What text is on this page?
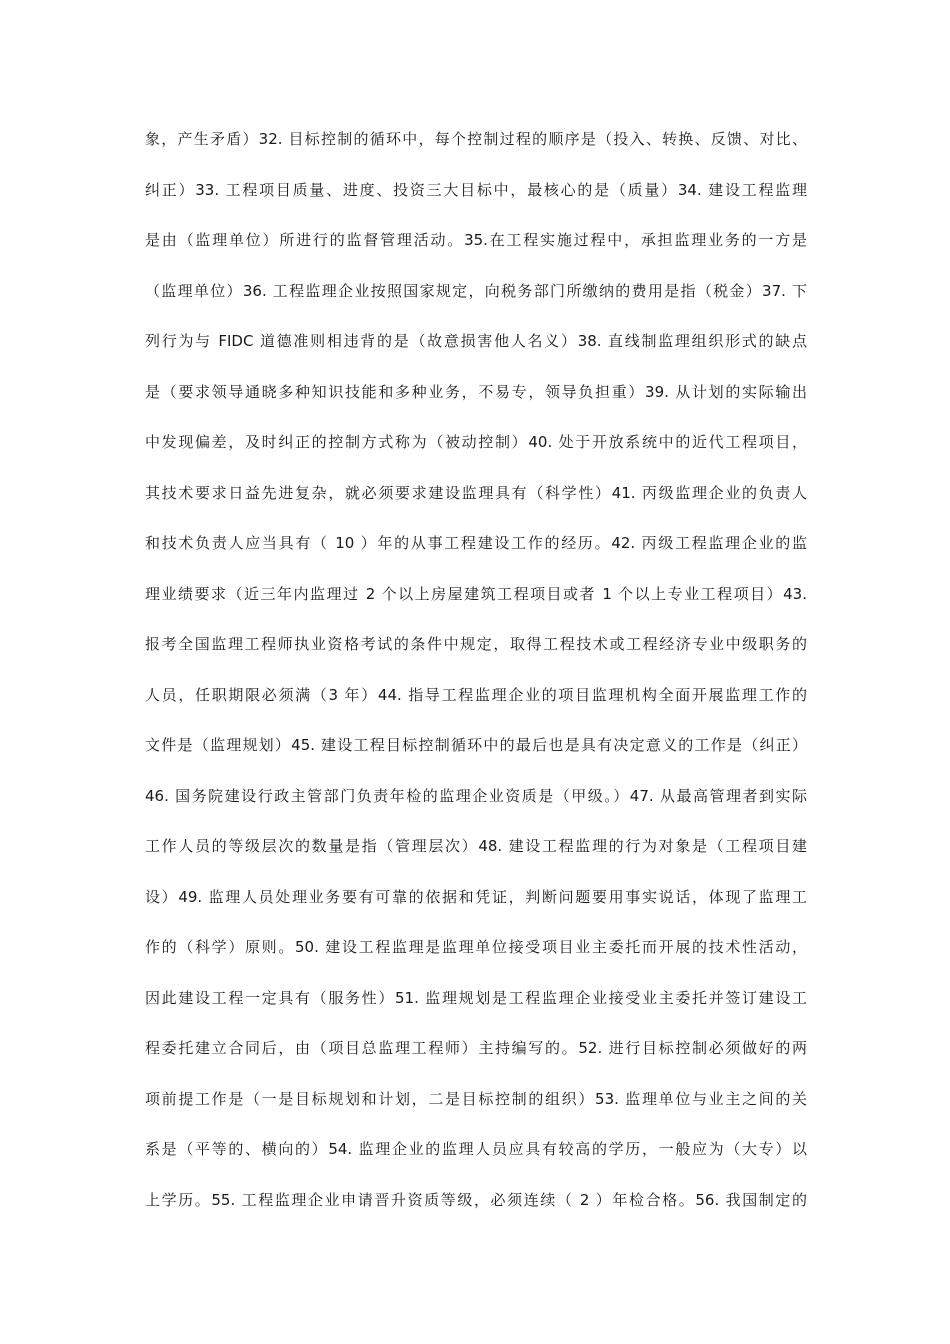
象，产生矛盾）32. 目标控制的循环中，每个控制过程的顺序是（投入、转换、反馈、对比、
纠正）33. 工程项目质量、进度、投资三大目标中，最核心的是（质量）34. 建设工程监理
是由（监理单位）所进行的监督管理活动。35.在工程实施过程中，承担监理业务的一方是
（监理单位）36. 工程监理企业按照国家规定，向税务部门所缴纳的费用是指（税金）37. 下
列行为与 FIDC 道德准则相违背的是（故意损害他人名义）38. 直线制监理组织形式的缺点
是（要求领导通晓多种知识技能和多种业务，不易专，领导负担重）39. 从计划的实际输出
中发现偏差，及时纠正的控制方式称为（被动控制）40. 处于开放系统中的近代工程项目，
其技术要求日益先进复杂，就必须要求建设监理具有（科学性）41. 丙级监理企业的负责人
和技术负责人应当具有（ 10 ）年的从事工程建设工作的经历。42. 丙级工程监理企业的监
理业绩要求（近三年内监理过 2 个以上房屋建筑工程项目或者 1 个以上专业工程项目）43.
报考全国监理工程师执业资格考试的条件中规定，取得工程技术或工程经济专业中级职务的
人员，任职期限必须满（3 年）44. 指导工程监理企业的项目监理机构全面开展监理工作的
文件是（监理规划）45. 建设工程目标控制循环中的最后也是具有决定意义的工作是（纠正）
46. 国务院建设行政主管部门负责年检的监理企业资质是（甲级。）47. 从最高管理者到实际
工作人员的等级层次的数量是指（管理层次）48. 建设工程监理的行为对象是（工程项目建
设）49. 监理人员处理业务要有可靠的依据和凭证，判断问题要用事实说话，体现了监理工
作的（科学）原则。50. 建设工程监理是监理单位接受项目业主委托而开展的技术性活动，
因此建设工程一定具有（服务性）51. 监理规划是工程监理企业接受业主委托并签订建设工
程委托建立合同后，由（项目总监理工程师）主持编写的。52. 进行目标控制必须做好的两
项前提工作是（一是目标规划和计划，二是目标控制的组织）53. 监理单位与业主之间的关
系是（平等的、横向的）54. 监理企业的监理人员应具有较高的学历，一般应为（大专）以
上学历。55. 工程监理企业申请晋升资质等级，必须连续（ 2 ）年检合格。56. 我国制定的
